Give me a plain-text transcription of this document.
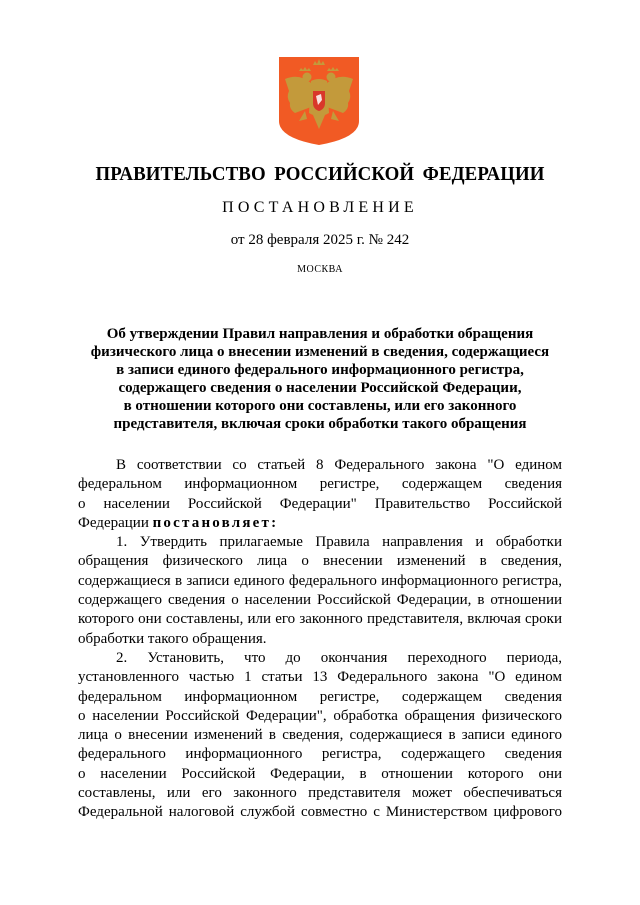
ПРАВИТЕЛЬСТВО РОССИЙСКОЙ ФЕДЕРАЦИИ
ПОСТАНОВЛЕНИЕ
от 28 февраля 2025 г. № 242
МОСКВА
Об утверждении Правил направления и обработки обращения
физического лица о внесении изменений в сведения, содержащиеся
в записи единого федерального информационного регистра,
содержащего сведения о населении Российской Федерации,
в отношении которого они составлены, или его законного
представителя, включая сроки обработки такого обращения
В соответствии со статьей 8 Федерального закона "О едином
федеральном информационном регистре, содержащем сведения
о населении Российской Федерации" Правительство Российской
Федерации постановляет:
1. Утвердить прилагаемые Правила направления и обработки
обращения физического лица о внесении изменений в сведения,
содержащиеся в записи единого федерального информационного регистра,
содержащего сведения о населении Российской Федерации, в отношении
которого они составлены, или его законного представителя, включая сроки
обработки такого обращения.
2. Установить, что до окончания переходного периода,
установленного частью 1 статьи 13 Федерального закона "О едином
федеральном информационном регистре, содержащем сведения
о населении Российской Федерации", обработка обращения физического
лица о внесении изменений в сведения, содержащиеся в записи единого
федерального информационного регистра, содержащего сведения
о населении Российской Федерации, в отношении которого они
составлены, или его законного представителя может обеспечиваться
Федеральной налоговой службой совместно с Министерством цифрового
